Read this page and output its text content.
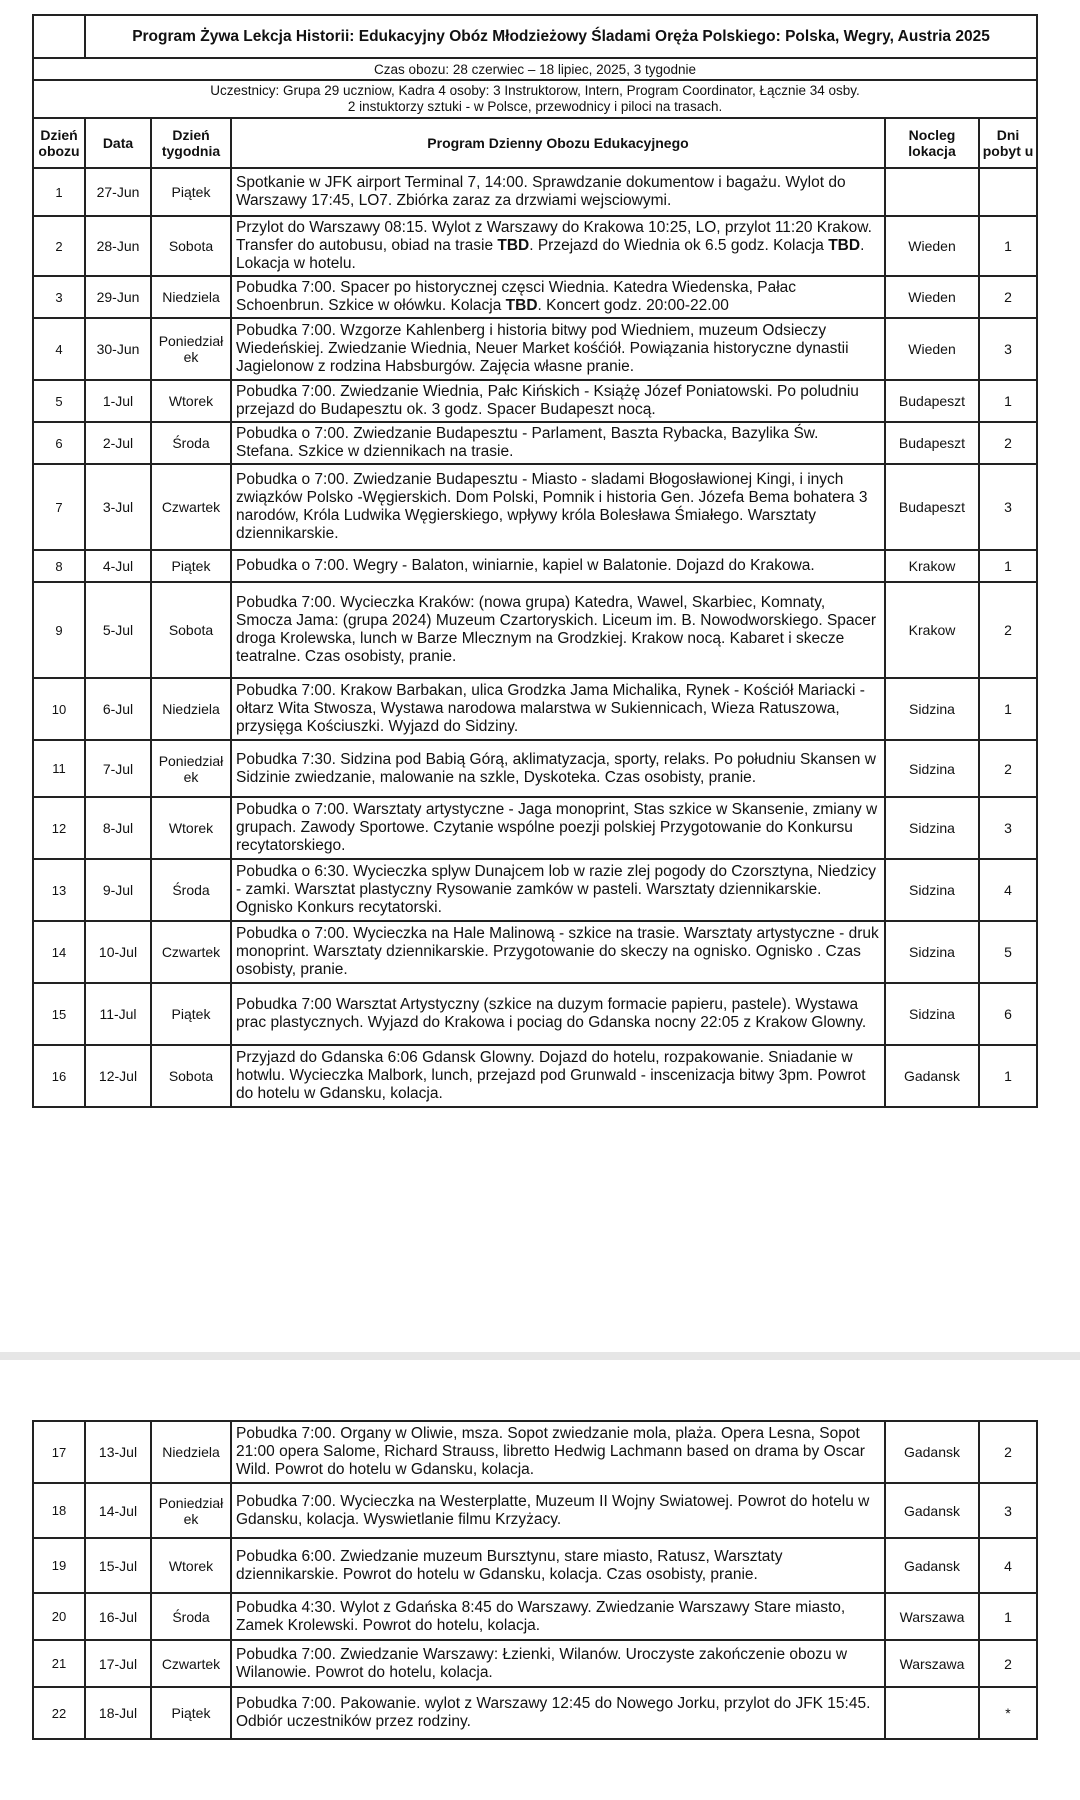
	Program Żywa Lekcja Historii: Edukacyjny Obóz Młodzieżowy Śladami Oręża Polskiego: Polska, Wegry, Austria 2025				
Czas obozu: 28 czerwiec – 18 lipiec, 2025, 3 tygodnie					

Uczestnicy: Grupa 29 uczniow, Kadra 4 osoby: 3 Instruktorow, Intern, Program Coordinator, Łącznie 34 osby.
2 instuktorzy sztuki - w Polsce, przewodnicy i piloci na trasach.					

Dzień obozu	Data	Dzień tygodnia	Program Dzienny Obozu Edukacyjnego	Nocleg lokacja	Dni pobyt u
1	27-Jun	Piątek	Spotkanie w JFK airport Terminal 7, 14:00. Sprawdzanie dokumentow i bagażu. Wylot do Warszawy 17:45, LO7. Zbiórka zaraz za drzwiami wejsciowymi.		
2	28-Jun	Sobota	Przylot do Warszawy 08:15. Wylot z Warszawy do Krakowa 10:25, LO, przylot 11:20 Krakow. Transfer do autobusu, obiad na trasie TBD. Przejazd do Wiednia ok 6.5 godz. Kolacja TBD. Lokacja w hotelu.	Wieden	1
3	29-Jun	Niedziela	Pobudka 7:00. Spacer po historycznej częsci Wiednia. Katedra Wiedenska, Pałac Schoenbrun. Szkice w ołówku. Kolacja TBD. Koncert godz. 20:00-22.00	Wieden	2
4	30-Jun	Poniedział ek	Pobudka 7:00. Wzgorze Kahlenberg i historia bitwy pod Wiedniem, muzeum Odsieczy Wiedeńskiej. Zwiedzanie Wiednia, Neuer Market kośćiół. Powiązania historyczne dynastii Jagielonow z rodzina Habsburgów. Zajęcia własne pranie.	Wieden	3
5	1-Jul	Wtorek	Pobudka 7:00. Zwiedzanie Wiednia, Pałc Kińskich - Książę Józef Poniatowski. Po poludniu przejazd do Budapesztu ok. 3 godz. Spacer Budapeszt nocą.	Budapeszt	1
6	2-Jul	Środa	Pobudka o 7:00. Zwiedzanie Budapesztu - Parlament, Baszta Rybacka, Bazylika Św. Stefana. Szkice w dziennikach na trasie.	Budapeszt	2
7	3-Jul	Czwartek	Pobudka o 7:00. Zwiedzanie Budapesztu - Miasto - sladami Błogosławionej Kingi, i inych związków Polsko -Węgierskich. Dom Polski, Pomnik i historia Gen. Józefa Bema bohatera 3 narodów, Króla Ludwika Węgierskiego, wpływy króla Bolesława Śmiałego. Warsztaty dziennikarskie.	Budapeszt	3
8	4-Jul	Piątek	Pobudka o 7:00. Wegry - Balaton, winiarnie, kapiel w Balatonie. Dojazd do Krakowa.	Krakow	1
9	5-Jul	Sobota	Pobudka 7:00. Wycieczka Kraków: (nowa grupa) Katedra, Wawel, Skarbiec, Komnaty, Smocza Jama: (grupa 2024) Muzeum Czartoryskich. Liceum im. B. Nowodworskiego. Spacer droga Krolewska, lunch w Barze Mlecznym na Grodzkiej. Krakow nocą. Kabaret i skecze teatralne. Czas osobisty, pranie.	Krakow	2
10	6-Jul	Niedziela	Pobudka 7:00. Krakow Barbakan, ulica Grodzka Jama Michalika, Rynek - Kościół Mariacki - ołtarz Wita Stwosza, Wystawa narodowa malarstwa w Sukiennicach, Wieza Ratuszowa, przysięga Kościuszki. Wyjazd do Sidziny.	Sidzina	1
11	7-Jul	Poniedział ek	Pobudka 7:30. Sidzina pod Babią Górą, aklimatyzacja, sporty, relaks. Po południu Skansen w Sidzinie zwiedzanie, malowanie na szkle, Dyskoteka. Czas osobisty, pranie.	Sidzina	2
12	8-Jul	Wtorek	Pobudka o 7:00. Warsztaty artystyczne - Jaga monoprint, Stas szkice w Skansenie, zmiany w grupach. Zawody Sportowe. Czytanie wspólne poezji polskiej Przygotowanie do Konkursu recytatorskiego.	Sidzina	3
13	9-Jul	Środa	Pobudka o 6:30. Wycieczka splyw Dunajcem lob w razie zlej pogody do Czorsztyna, Niedzicy - zamki. Warsztat plastyczny Rysowanie zamków w pasteli. Warsztaty dziennikarskie. Ognisko Konkurs recytatorski.	Sidzina	4
14	10-Jul	Czwartek	Pobudka o 7:00. Wycieczka na Hale Malinową - szkice na trasie. Warsztaty artystyczne - druk monoprint. Warsztaty dziennikarskie. Przygotowanie do skeczy na ognisko. Ognisko . Czas osobisty, pranie.	Sidzina	5
15	11-Jul	Piątek	Pobudka 7:00 Warsztat Artystyczny (szkice na duzym formacie papieru, pastele). Wystawa prac plastycznych. Wyjazd do Krakowa i pociag do Gdanska nocny 22:05 z Krakow Glowny.	Sidzina	6
16	12-Jul	Sobota	Przyjazd do Gdanska 6:06 Gdansk Glowny. Dojazd do hotelu, rozpakowanie. Sniadanie w hotwlu. Wycieczka Malbork, lunch, przejazd pod Grunwald - inscenizacja bitwy 3pm. Powrot do hotelu w Gdansku, kolacja.	Gadansk	1
17	13-Jul	Niedziela	Pobudka 7:00. Organy w Oliwie, msza. Sopot zwiedzanie mola, plaża. Opera Lesna, Sopot 21:00 opera Salome, Richard Strauss, libretto Hedwig Lachmann based on drama by Oscar Wild. Powrot do hotelu w Gdansku, kolacja.	Gadansk	2
18	14-Jul	Poniedział ek	Pobudka 7:00. Wycieczka na Westerplatte, Muzeum II Wojny Swiatowej. Powrot do hotelu w Gdansku, kolacja. Wyswietlanie filmu Krzyżacy.	Gadansk	3
19	15-Jul	Wtorek	Pobudka 6:00. Zwiedzanie muzeum Bursztynu, stare miasto, Ratusz, Warsztaty dziennikarskie. Powrot do hotelu w Gdansku, kolacja. Czas osobisty, pranie.	Gadansk	4
20	16-Jul	Środa	Pobudka 4:30. Wylot z Gdańska 8:45 do Warszawy. Zwiedzanie Warszawy Stare miasto, Zamek Krolewski. Powrot do hotelu, kolacja.	Warszawa	1
21	17-Jul	Czwartek	Pobudka 7:00. Zwiedzanie Warszawy: Łzienki, Wilanów. Uroczyste zakończenie obozu w Wilanowie. Powrot do hotelu, kolacja.	Warszawa	2
22	18-Jul	Piątek	Pobudka 7:00. Pakowanie. wylot z Warszawy 12:45 do Nowego Jorku, przylot do JFK 15:45. Odbiór uczestników przez rodziny.		*
